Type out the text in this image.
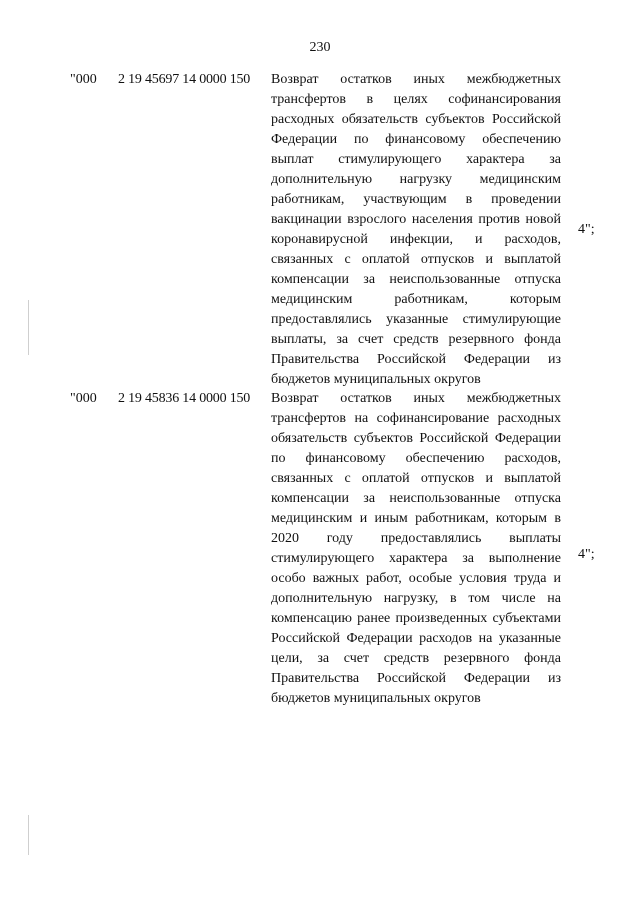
230
"000 2 19 45697 14 0000 150 Возврат остатков иных межбюджетных трансфертов в целях софинансирования расходных обязательств субъектов Российской Федерации по финансовому обеспечению выплат стимулирующего характера за дополнительную нагрузку медицинским работникам, участвующим в проведении вакцинации взрослого населения против новой коронавирусной инфекции, и расходов, связанных с оплатой отпусков и выплатой компенсации за неиспользованные отпуска медицинским работникам, которым предоставлялись указанные стимулирующие выплаты, за счет средств резервного фонда Правительства Российской Федерации из бюджетов муниципальных округов
4";
"000 2 19 45836 14 0000 150 Возврат остатков иных межбюджетных трансфертов на софинансирование расходных обязательств субъектов Российской Федерации по финансовому обеспечению расходов, связанных с оплатой отпусков и выплатой компенсации за неиспользованные отпуска медицинским и иным работникам, которым в 2020 году предоставлялись выплаты стимулирующего характера за выполнение особо важных работ, особые условия труда и дополнительную нагрузку, в том числе на компенсацию ранее произведенных субъектами Российской Федерации расходов на указанные цели, за счет средств резервного фонда Правительства Российской Федерации из бюджетов муниципальных округов
4";
